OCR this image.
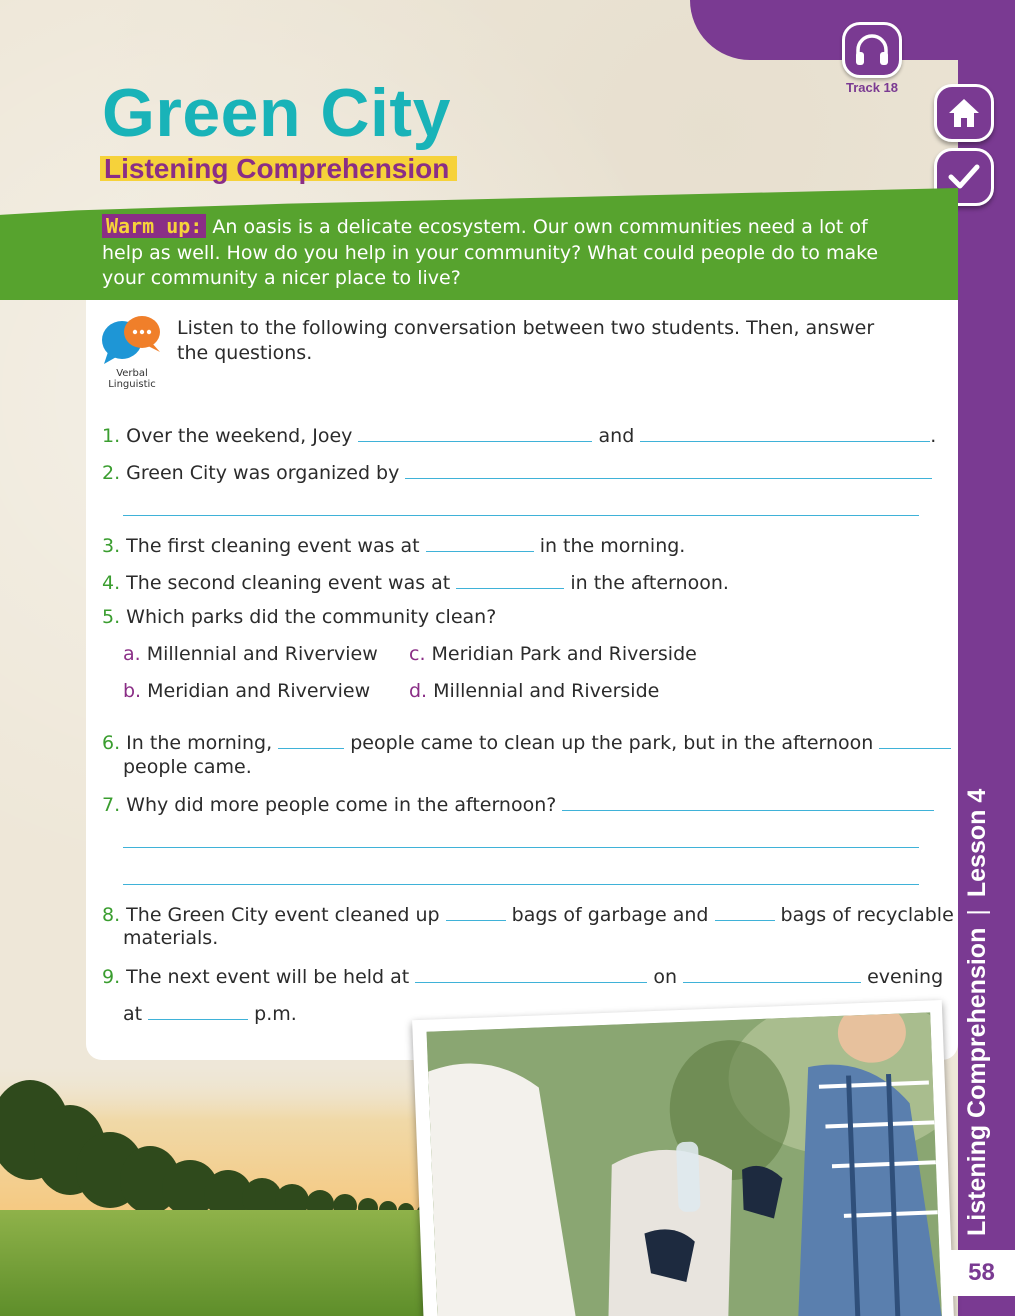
Track 18
Green City
Listening Comprehension
Warm up: An oasis is a delicate ecosystem. Our own communities need a lot of help as well. How do you help in your community? What could people do to make your community a nicer place to live?
Verbal
Linguistic
Listen to the following conversation between two students. Then, answer the questions.
1. Over the weekend, Joey	and	.
2. Green City was organized by
3. The first cleaning event was at	in the morning.
4. The second cleaning event was at	in the afternoon.
5. Which parks did the community clean?
a. Millennial and Riverview
b. Meridian and Riverview
c. Meridian Park and Riverside
d. Millennial and Riverside
6. In the morning,	people came to clean up the park, but in the afternoon
people came.
7. Why did more people come in the afternoon?
8. The Green City event cleaned up	bags of garbage and	bags of recyclable
materials.
9. The next event will be held at	on	evening
at	p.m.	Listening Comprehension|Lesson 4
58
